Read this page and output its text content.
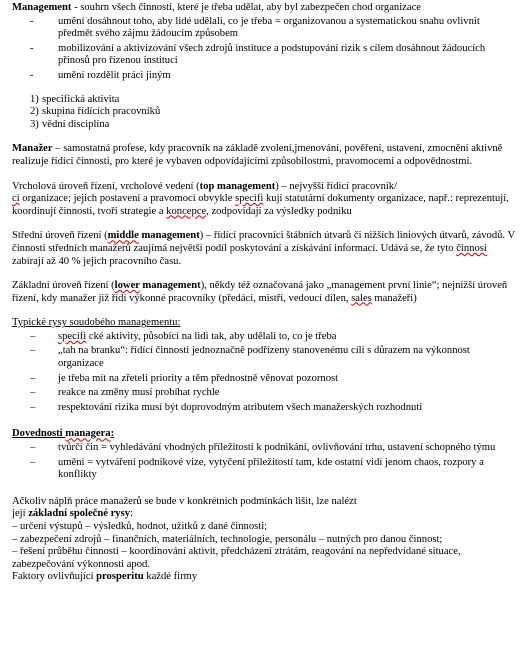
Management - souhrn všech činností, které je třeba udělat, aby byl zabezpečen chod organizace

- umění dosáhnout toho, aby lidé udělali, co je třeba = organizovanou a systematickou snahu ovlivnit předmět svého zájmu žádoucím způsobem
- mobilizování a aktivizování všech zdrojů instituce a podstupování rizik s cílem dosáhnout žádoucích přínosů pro řízenou instituci
- umění rozdělit práci jiným
1) specifická aktivita
2) skupina řídících pracovníků
3) vědní disciplína

Manažer – samostatná profese, kdy pracovník na základě zvolení,jmenování, pověření, ustavení, zmocnění aktivně realizuje řídící činnosti, pro které je vybaven odpovídajícími způsobilostmi, pravomocemi a odpovědnostmi.

Vrcholová úroveň řízení, vrcholové vedení (top management) – nejvyšší řídící pracovník/
ci organizace; jejich postavení a pravomoci obvykle specifi kují statutární dokumenty organizace, např.: reprezentují, koordinují činnosti, tvoří strategie a koncepce, zodpovídají za výsledky podniku

Střední úroveň řízení (middle management) – řídící pracovníci štábních útvarů či nižších liniových útvarů, závodů. V činnosti středních manažerů zaujímá největší podíl poskytování a získávání informací. Udává se, že tyto činnosi zabírají až 40 % jejich pracovního času.

Základní úroveň řízení (lower management), někdy též označovaná jako „management první linie“; nejnižší úroveň řízení, kdy manažer již řídí výkonné pracovníky (předáci, mistři, vedoucí dílen, sales manažeři)

Typické rysy soudobého managementu:

– specifi cké aktivity, působící na lidi tak, aby udělali to, co je třeba
– „tah na branku“: řídící činnosti jednoznačně podřízeny stanovenému cíli s důrazem na výkonnost organizace
– je třeba mít na zřeteli priority a těm přednostně věnovat pozornost
– reakce na změny musí probíhat rychle
– respektování rizika musí být doprovodným atributem všech manažerských rozhodnutí

Dovednosti managera:

– tvůrčí čin = vyhledávání vhodných příležitostí k podnikání, ovlivňování trhu, ustavení schopného týmu
– umění = vytváření podnikové vize, vytyčení příležitostí tam, kde ostatní vidí jenom chaos, rozpory a konflikty

Ačkoliv náplň práce manažerů se bude v konkrétních podmínkách lišit, lze nalézt

její základní společné rysy:

– určení výstupů – výsledků, hodnot, užitků z dané činnosti;

– zabezpečení zdrojů – finančních, materiálních, technologie, personálu – nutných pro danou činnost;

– řešení průběhu činnosti – koordinování aktivit, předcházení ztrátám, reagování na nepředvídané situace, zabezpečování výkonnosti apod.

Faktory ovlivňující prosperitu každé firmy
